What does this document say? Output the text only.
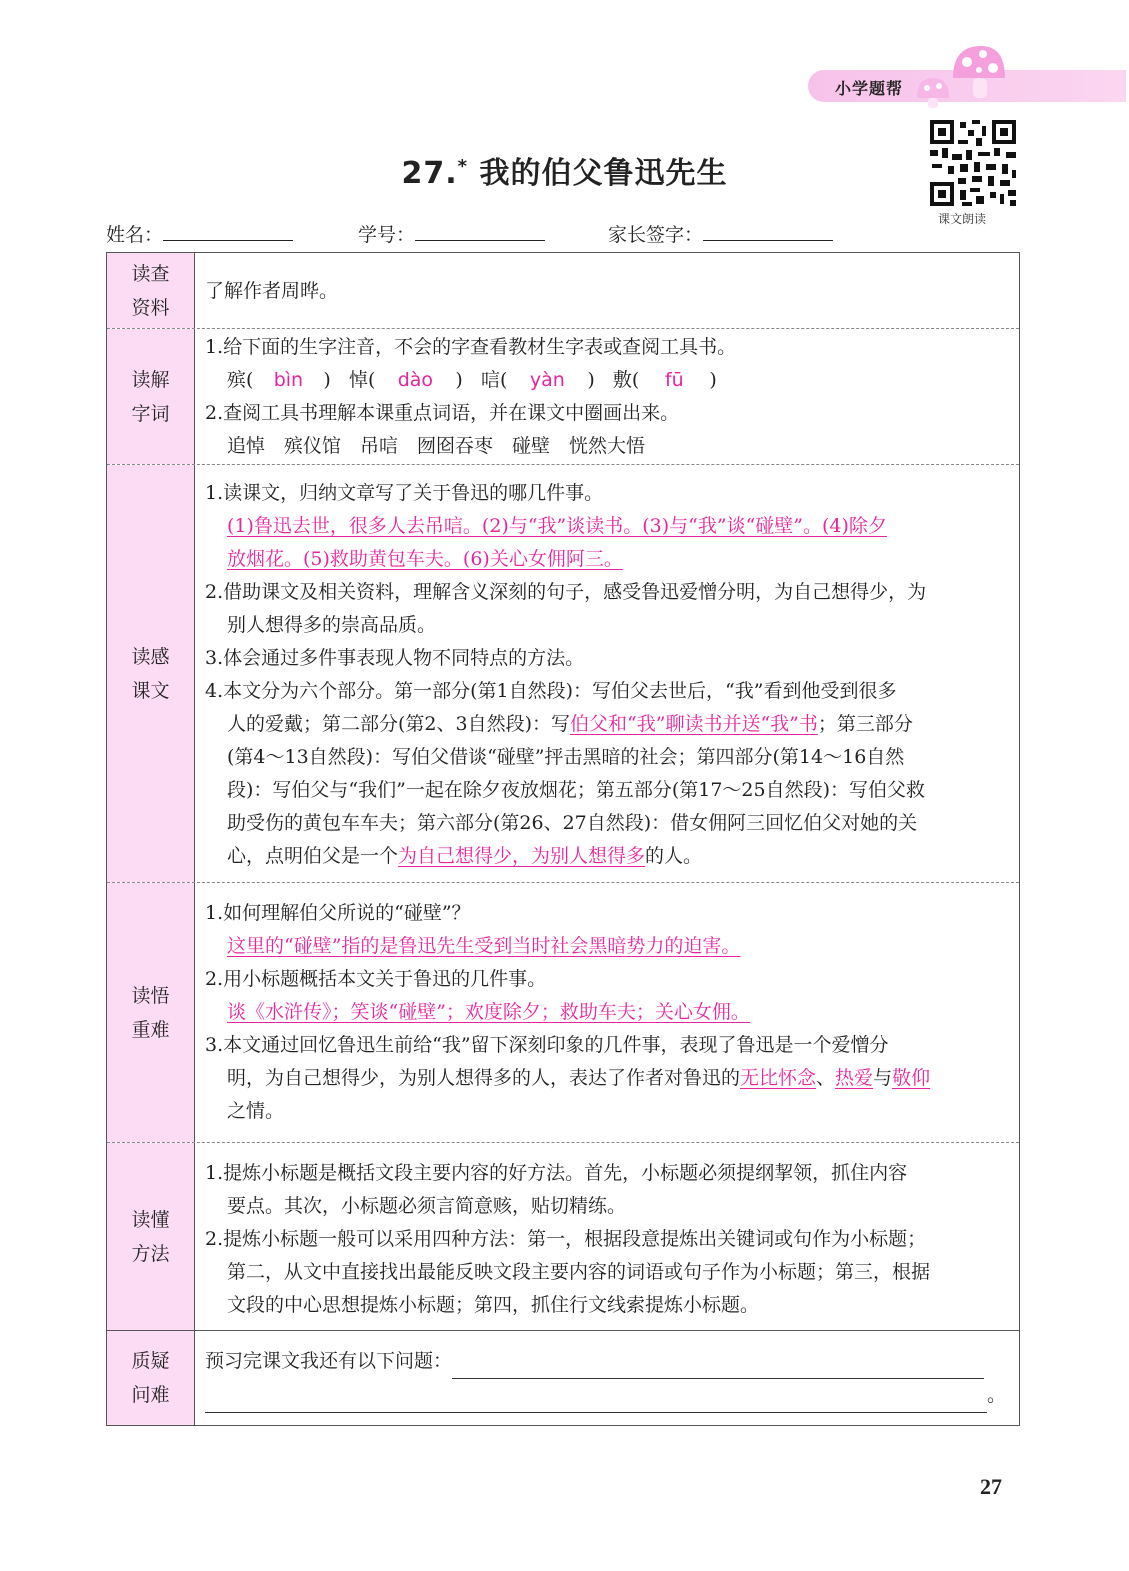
小学题帮
课文朗读
27.* 我的伯父鲁迅先生
姓名：	学号：	家长签字：
读查
资料

了解作者周晔。

读解
字词

1.给下面的生字注音，不会的字查看教材生字表或查阅工具书。

殡( bìn ) 悼( dào ) 唁( yàn ) 敷( fū )

2.查阅工具书理解本课重点词语，并在课文中圈画出来。

追悼　殡仪馆　吊唁　囫囵吞枣　碰壁　恍然大悟

读感
课文

1.读课文，归纳文章写了关于鲁迅的哪几件事。

(1)鲁迅去世，很多人去吊唁。(2)与“我”谈读书。(3)与“我”谈“碰壁”。(4)除夕

放烟花。(5)救助黄包车夫。(6)关心女佣阿三。

2.借助课文及相关资料，理解含义深刻的句子，感受鲁迅爱憎分明，为自己想得少，为

别人想得多的崇高品质。

3.体会通过多件事表现人物不同特点的方法。

4.本文分为六个部分。第一部分(第1自然段)：写伯父去世后，“我”看到他受到很多

人的爱戴；第二部分(第2、3自然段)：写伯父和“我”聊读书并送“我”书；第三部分

(第4～13自然段)：写伯父借谈“碰壁”抨击黑暗的社会；第四部分(第14～16自然

段)：写伯父与“我们”一起在除夕夜放烟花；第五部分(第17～25自然段)：写伯父救

助受伤的黄包车车夫；第六部分(第26、27自然段)：借女佣阿三回忆伯父对她的关

心，点明伯父是一个为自己想得少，为别人想得多的人。

读悟
重难

1.如何理解伯父所说的“碰壁”？

这里的“碰壁”指的是鲁迅先生受到当时社会黑暗势力的迫害。

2.用小标题概括本文关于鲁迅的几件事。

谈《水浒传》；笑谈“碰壁”；欢度除夕；救助车夫；关心女佣。

3.本文通过回忆鲁迅生前给“我”留下深刻印象的几件事，表现了鲁迅是一个爱憎分

明，为自己想得少，为别人想得多的人，表达了作者对鲁迅的无比怀念、热爱与敬仰

之情。

读懂
方法

1.提炼小标题是概括文段主要内容的好方法。首先，小标题必须提纲挈领，抓住内容

要点。其次，小标题必须言简意赅，贴切精练。

2.提炼小标题一般可以采用四种方法：第一，根据段意提炼出关键词或句作为小标题；

第二，从文中直接找出最能反映文段主要内容的词语或句子作为小标题；第三，根据

文段的中心思想提炼小标题；第四，抓住行文线索提炼小标题。

质疑
问难

预习完课文我还有以下问题：

。

27
